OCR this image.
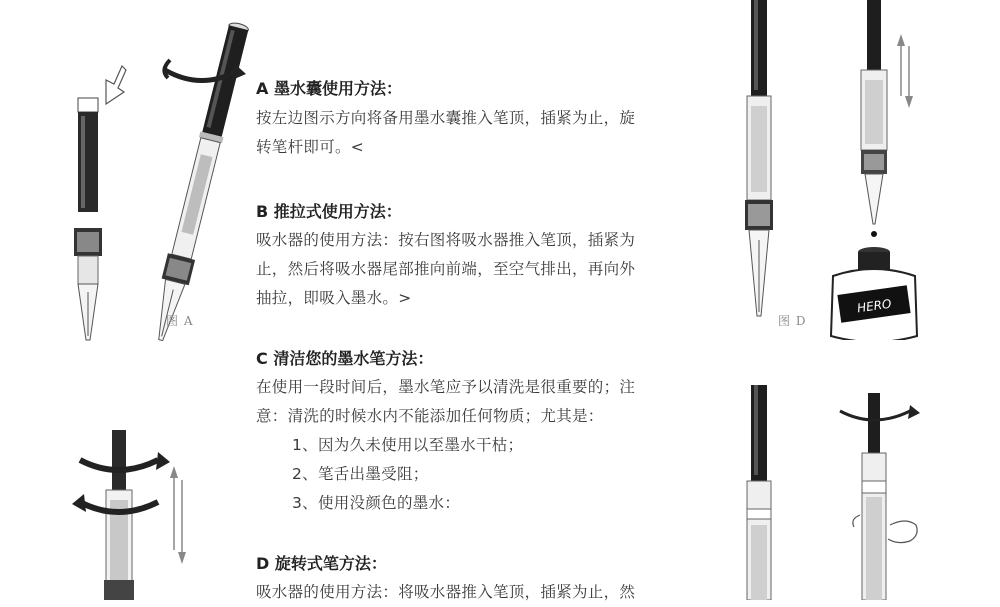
图 A
A 墨水囊使用方法：
按左边图示方向将备用墨水囊推入笔顶，插紧为止，旋
转笔杆即可。<
B 推拉式使用方法：
吸水器的使用方法：按右图将吸水器推入笔顶，插紧为
止，然后将吸水器尾部推向前端，至空气排出，再向外
抽拉，即吸入墨水。>
C 清洁您的墨水笔方法：
在使用一段时间后，墨水笔应予以清洗是很重要的；注
意：清洗的时候水内不能添加任何物质；尤其是：
1、因为久未使用以至墨水干枯；
2、笔舌出墨受阻；
3、使用没颜色的墨水：
D 旋转式笔方法：
吸水器的使用方法：将吸水器推入笔顶，插紧为止，然
图 D
HERO
